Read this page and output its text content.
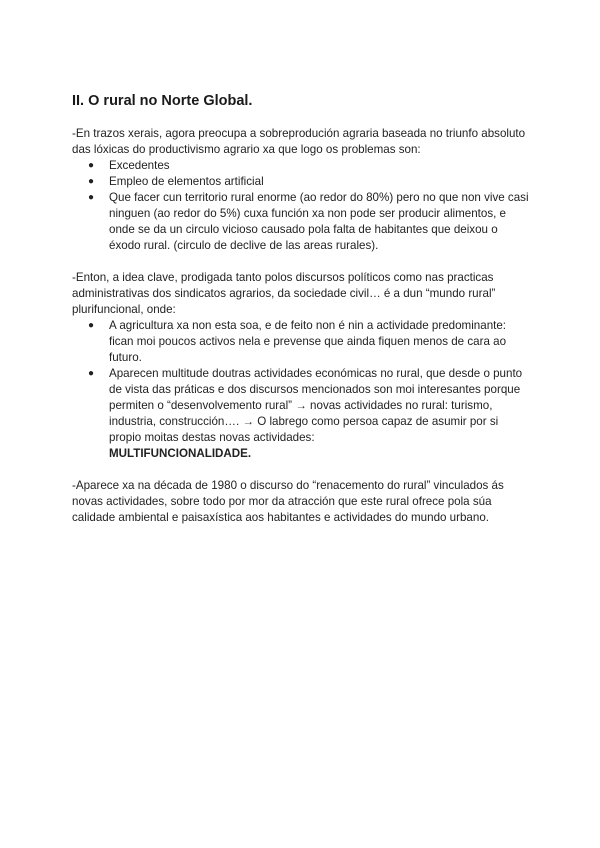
II. O rural no Norte Global.

-En trazos xerais, agora preocupa a sobreprodución agraria baseada no triunfo absoluto das lóxicas do productivismo agrario xa que logo os problemas son:

● Excedentes
● Empleo de elementos artificial
● Que facer cun territorio rural enorme (ao redor do 80%) pero no que non vive casi ninguen (ao redor do 5%) cuxa función xa non pode ser producir alimentos, e onde se da un circulo vicioso causado pola falta de habitantes que deixou o éxodo rural. (circulo de declive de las areas rurales).

-Enton, a idea clave, prodigada tanto polos discursos políticos como nas practicas administrativas dos sindicatos agrarios, da sociedade civil… é a dun “mundo rural” plurifuncional, onde:

● A agricultura xa non esta soa, e de feito non é nin a actividade predominante: fican moi poucos activos nela e prevense que ainda fiquen menos de cara ao futuro.
● Aparecen multitude doutras actividades económicas no rural, que desde o punto de vista das práticas e dos discursos mencionados son moi interesantes porque permiten o “desenvolvemento rural” → novas actividades no rural: turismo, industria, construcción…. → O labrego como persoa capaz de asumir por si propio moitas destas novas actividades:
MULTIFUNCIONALIDADE.

-Aparece xa na década de 1980 o discurso do “renacemento do rural” vinculados ás novas actividades, sobre todo por mor da atracción que este rural ofrece pola súa calidade ambiental e paisaxística aos habitantes e actividades do mundo urbano.
